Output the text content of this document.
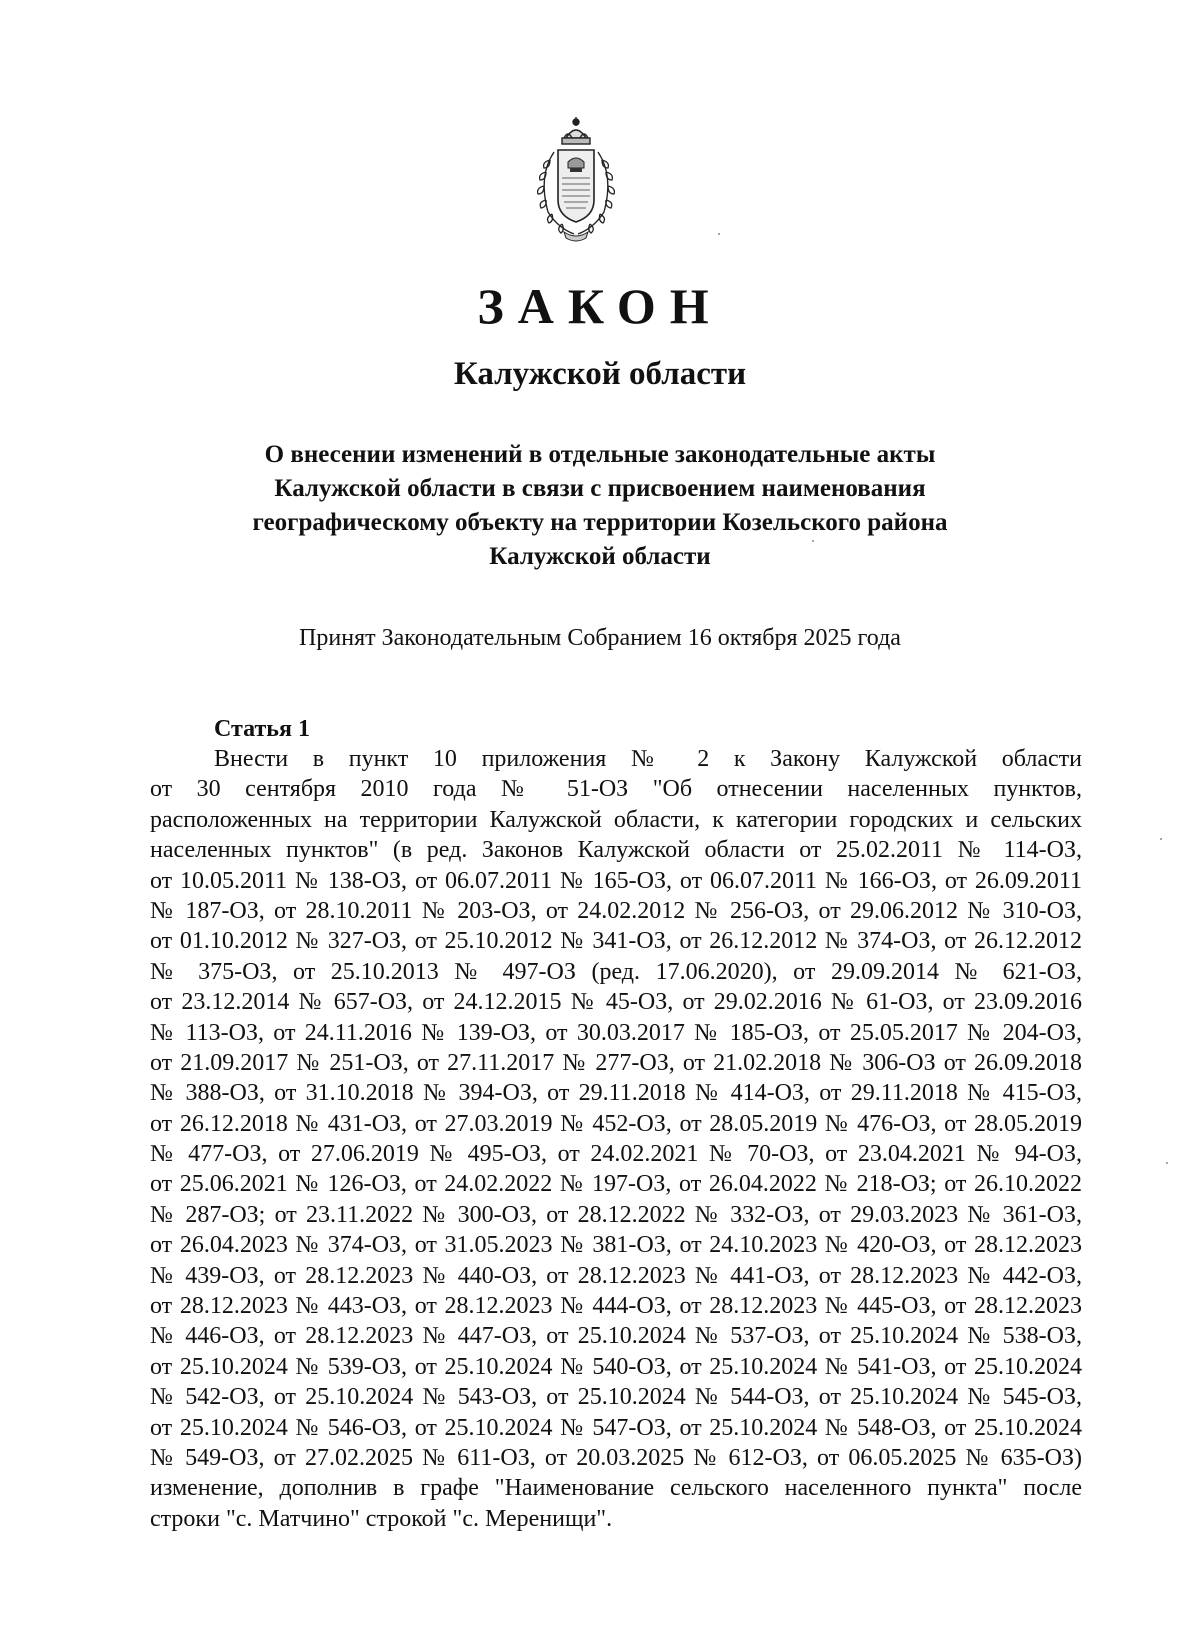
ЗАКОН
Калужской области
О внесении изменений в отдельные законодательные акты
Калужской области в связи с присвоением наименования
географическому объекту на территории Козельского района
Калужской области
Принят Законодательным Собранием 16 октября 2025 года
Статья 1
Внести в пункт 10 приложения № 2 к Закону Калужской области
от 30 сентября 2010 года № 51-ОЗ "Об отнесении населенных пунктов,
расположенных на территории Калужской области, к категории городских и сельских
населенных пунктов" (в ред. Законов Калужской области от 25.02.2011 № 114-ОЗ,
от 10.05.2011 № 138-ОЗ, от 06.07.2011 № 165-ОЗ, от 06.07.2011 № 166-ОЗ, от 26.09.2011
№ 187-ОЗ, от 28.10.2011 № 203-ОЗ, от 24.02.2012 № 256-ОЗ, от 29.06.2012 № 310-ОЗ,
от 01.10.2012 № 327-ОЗ, от 25.10.2012 № 341-ОЗ, от 26.12.2012 № 374-ОЗ, от 26.12.2012
№ 375-ОЗ, от 25.10.2013 № 497-ОЗ (ред. 17.06.2020), от 29.09.2014 № 621-ОЗ,
от 23.12.2014 № 657-ОЗ, от 24.12.2015 № 45-ОЗ, от 29.02.2016 № 61-ОЗ, от 23.09.2016
№ 113-ОЗ, от 24.11.2016 № 139-ОЗ, от 30.03.2017 № 185-ОЗ, от 25.05.2017 № 204-ОЗ,
от 21.09.2017 № 251-ОЗ, от 27.11.2017 № 277-ОЗ, от 21.02.2018 № 306-ОЗ от 26.09.2018
№ 388-ОЗ, от 31.10.2018 № 394-ОЗ, от 29.11.2018 № 414-ОЗ, от 29.11.2018 № 415-ОЗ,
от 26.12.2018 № 431-ОЗ, от 27.03.2019 № 452-ОЗ, от 28.05.2019 № 476-ОЗ, от 28.05.2019
№ 477-ОЗ, от 27.06.2019 № 495-ОЗ, от 24.02.2021 № 70-ОЗ, от 23.04.2021 № 94-ОЗ,
от 25.06.2021 № 126-ОЗ, от 24.02.2022 № 197-ОЗ, от 26.04.2022 № 218-ОЗ; от 26.10.2022
№ 287-ОЗ; от 23.11.2022 № 300-ОЗ, от 28.12.2022 № 332-ОЗ, от 29.03.2023 № 361-ОЗ,
от 26.04.2023 № 374-ОЗ, от 31.05.2023 № 381-ОЗ, от 24.10.2023 № 420-ОЗ, от 28.12.2023
№ 439-ОЗ, от 28.12.2023 № 440-ОЗ, от 28.12.2023 № 441-ОЗ, от 28.12.2023 № 442-ОЗ,
от 28.12.2023 № 443-ОЗ, от 28.12.2023 № 444-ОЗ, от 28.12.2023 № 445-ОЗ, от 28.12.2023
№ 446-ОЗ, от 28.12.2023 № 447-ОЗ, от 25.10.2024 № 537-ОЗ, от 25.10.2024 № 538-ОЗ,
от 25.10.2024 № 539-ОЗ, от 25.10.2024 № 540-ОЗ, от 25.10.2024 № 541-ОЗ, от 25.10.2024
№ 542-ОЗ, от 25.10.2024 № 543-ОЗ, от 25.10.2024 № 544-ОЗ, от 25.10.2024 № 545-ОЗ,
от 25.10.2024 № 546-ОЗ, от 25.10.2024 № 547-ОЗ, от 25.10.2024 № 548-ОЗ, от 25.10.2024
№ 549-ОЗ, от 27.02.2025 № 611-ОЗ, от 20.03.2025 № 612-ОЗ, от 06.05.2025 № 635-ОЗ)
изменение, дополнив в графе "Наименование сельского населенного пункта" после
строки "с. Матчино" строкой "с. Меренищи".
